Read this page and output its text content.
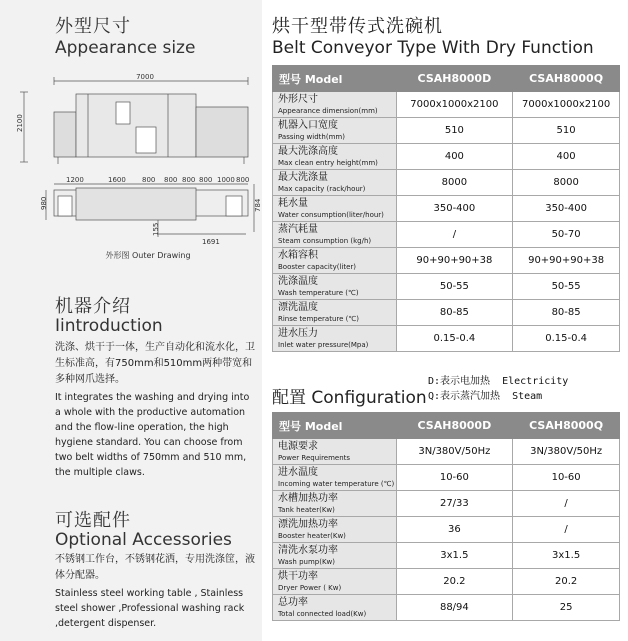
外型尺寸
Appearance size
7000
2100
1200	1600 800 800 800 800 1000 800
980	784
155
1691
外形图 Outer Drawing
机器介绍
Iintroduction
洗涤、烘干于一体，生产自动化和流水化，卫生标准高，有750mm和510mm两种带宽和多种网爪选择。
It integrates the washing and drying into a whole with the productive automation and the flow-line operation, the high hygiene standard. You can choose from two belt widths of 750mm and 510 mm, the multiple claws.
可选配件
Optional Accessories
不锈钢工作台，不锈钢花洒，专用洗涤筐，液体分配器。
Stainless steel working table , Stainless steel shower ,Professional washing rack ,detergent dispenser.
烘干型带传式洗碗机
Belt Conveyor Type With Dry Function
型号 Model	CSAH8000D	CSAH8000Q

外形尺寸
Appearance dimension(mm)	7000x1000x2100	7000x1000x2100

机器入口宽度
Passing width(mm)	510	510

最大洗涤高度
Max clean entry height(mm)	400	400

最大洗涤量
Max capacity (rack/hour)	8000	8000

耗水量
Water consumption(liter/hour)	350-400	350-400

蒸汽耗量
Steam consumption (kg/h)	/	50-70

水箱容积
Booster capacity(liter)	90+90+90+38	90+90+90+38

洗涤温度
Wash temperature (℃)	50-55	50-55

漂洗温度
Rinse temperature (℃)	80-85	80-85

进水压力
Inlet water pressure(Mpa)	0.15-0.4	0.15-0.4
配置 Configuration
D:表示电加热 Electricity
Q:表示蒸汽加热 Steam
型号 Model	CSAH8000D	CSAH8000Q

电源要求
Power Requirements	3N/380V/50Hz	3N/380V/50Hz

进水温度
Incoming water temperature (℃)	10-60	10-60

水槽加热功率
Tank heater(Kw)	27/33	/

漂洗加热功率
Booster heater(Kw)	36	/

清洗水泵功率
Wash pump(Kw)	3x1.5	3x1.5

烘干功率
Dryer Power ( Kw)	20.2	20.2

总功率
Total connected load(Kw)	88/94	25
